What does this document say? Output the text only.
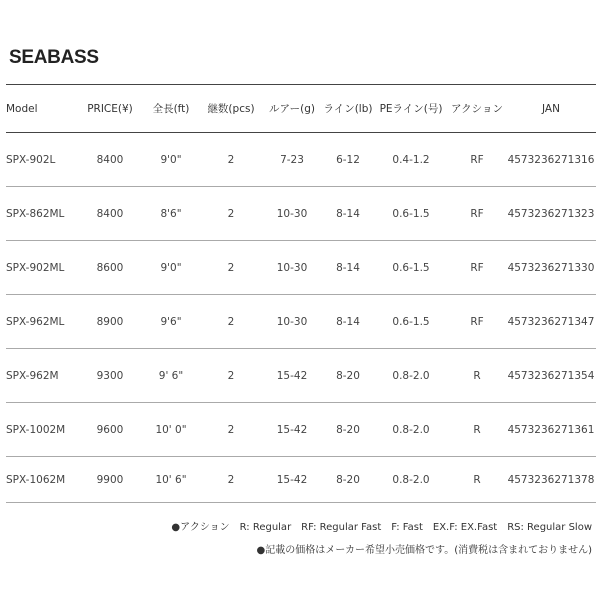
SEABASS
Model	PRICE(¥)	全長(ft)	継数(pcs)	ルアー(g)	ライン(lb)	PEライン(号)	アクション	JAN
SPX-902L	8400	9'0"	2	7-23	6-12	0.4-1.2	RF	4573236271316
SPX-862ML	8400	8'6"	2	10-30	8-14	0.6-1.5	RF	4573236271323
SPX-902ML	8600	9'0"	2	10-30	8-14	0.6-1.5	RF	4573236271330
SPX-962ML	8900	9'6"	2	10-30	8-14	0.6-1.5	RF	4573236271347
SPX-962M	9300	9' 6"	2	15-42	8-20	0.8-2.0	R	4573236271354
SPX-1002M	9600	10' 0"	2	15-42	8-20	0.8-2.0	R	4573236271361
SPX-1062M	9900	10' 6"	2	15-42	8-20	0.8-2.0	R	4573236271378
●アクション　R: Regular　RF: Regular Fast　F: Fast　EX.F: EX.Fast　RS: Regular Slow
●記載の価格はメーカー希望小売価格です。(消費税は含まれておりません)
